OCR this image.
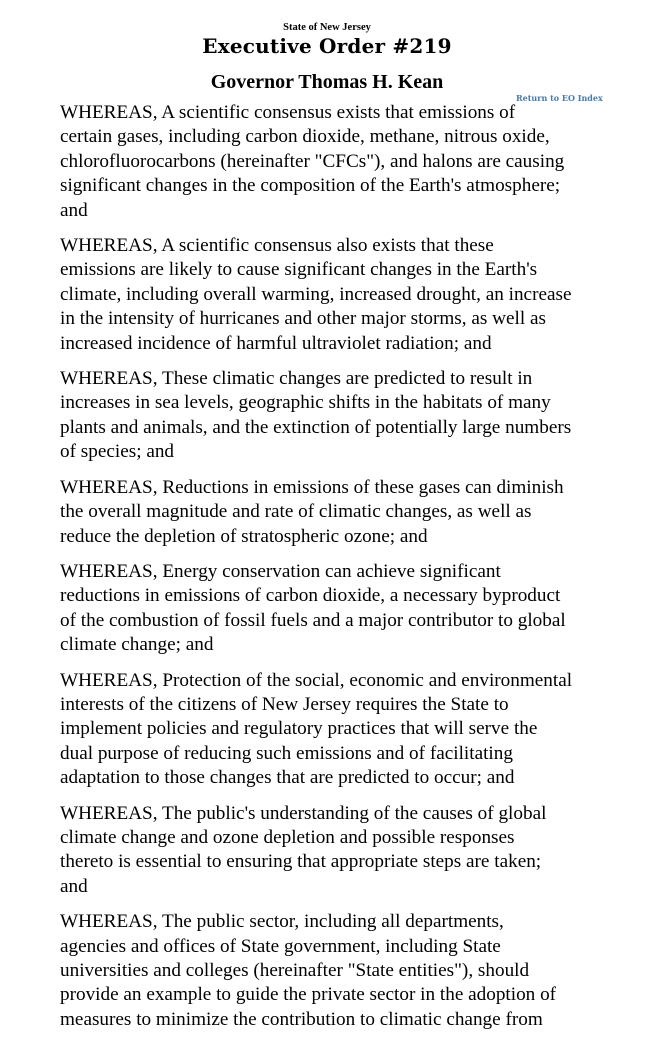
State of New Jersey
Executive Order #219
Governor Thomas H. Kean
Return to EO Index

WHEREAS, A scientific consensus exists that emissions of
certain gases, including carbon dioxide, methane, nitrous oxide,
chlorofluorocarbons (hereinafter "CFCs"), and halons are causing
significant changes in the composition of the Earth's atmosphere;
and

WHEREAS, A scientific consensus also exists that these
emissions are likely to cause significant changes in the Earth's
climate, including overall warming, increased drought, an increase
in the intensity of hurricanes and other major storms, as well as
increased incidence of harmful ultraviolet radiation; and

WHEREAS, These climatic changes are predicted to result in
increases in sea levels, geographic shifts in the habitats of many
plants and animals, and the extinction of potentially large numbers
of species; and

WHEREAS, Reductions in emissions of these gases can diminish
the overall magnitude and rate of climatic changes, as well as
reduce the depletion of stratospheric ozone; and

WHEREAS, Energy conservation can achieve significant
reductions in emissions of carbon dioxide, a necessary byproduct
of the combustion of fossil fuels and a major contributor to global
climate change; and

WHEREAS, Protection of the social, economic and environmental
interests of the citizens of New Jersey requires the State to
implement policies and regulatory practices that will serve the
dual purpose of reducing such emissions and of facilitating
adaptation to those changes that are predicted to occur; and

WHEREAS, The public's understanding of the causes of global
climate change and ozone depletion and possible responses
thereto is essential to ensuring that appropriate steps are taken;
and

WHEREAS, The public sector, including all departments,
agencies and offices of State government, including State
universities and colleges (hereinafter "State entities"), should
provide an example to guide the private sector in the adoption of
measures to minimize the contribution to climatic change from
